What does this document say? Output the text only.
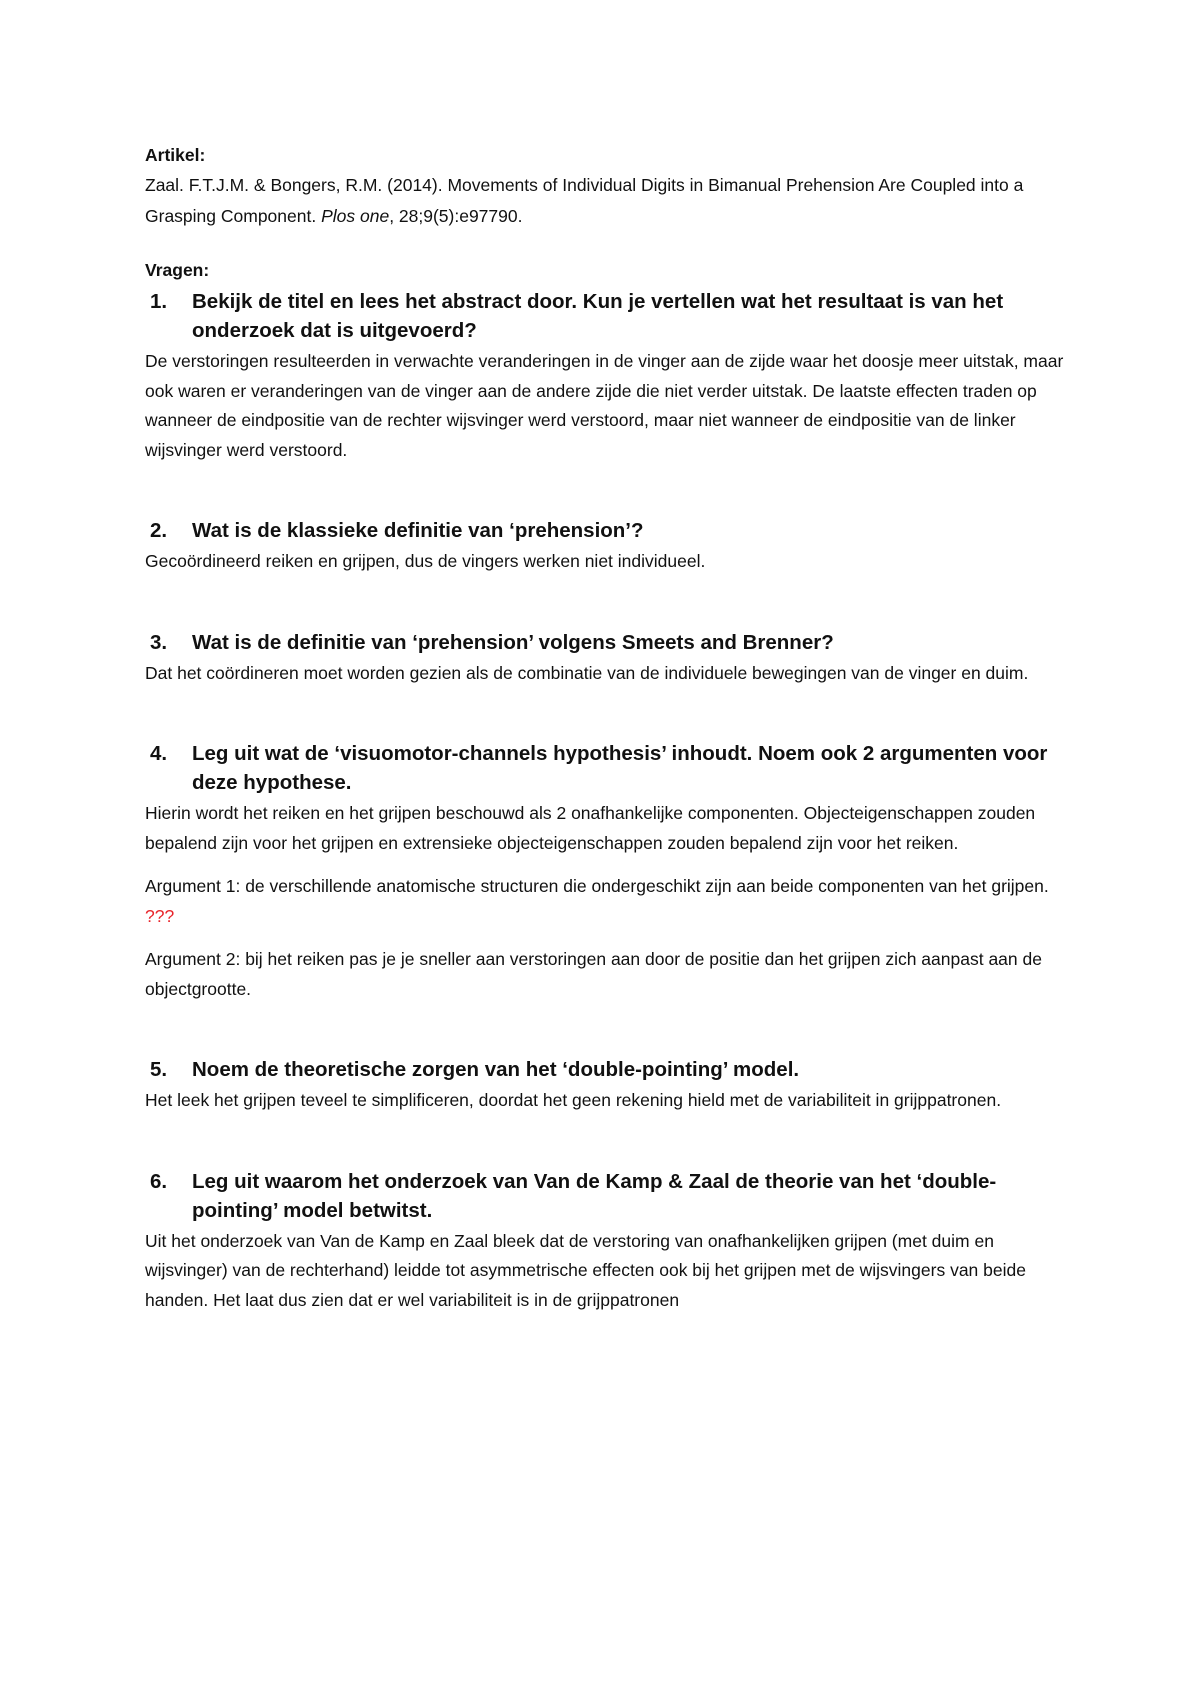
Artikel:

Zaal. F.T.J.M. & Bongers, R.M. (2014). Movements of Individual Digits in Bimanual Prehension Are Coupled into a Grasping Component. Plos one, 28;9(5):e97790.

Vragen:

1.	Bekijk de titel en lees het abstract door. Kun je vertellen wat het resultaat is van het onderzoek dat is uitgevoerd?

De verstoringen resulteerden in verwachte veranderingen in de vinger aan de zijde waar het doosje meer uitstak, maar ook waren er veranderingen van de vinger aan de andere zijde die niet verder uitstak. De laatste effecten traden op wanneer de eindpositie van de rechter wijsvinger werd verstoord, maar niet wanneer de eindpositie van de linker wijsvinger werd verstoord.

2.	Wat is de klassieke definitie van ‘prehension’?

Gecoördineerd reiken en grijpen, dus de vingers werken niet individueel.

3.	Wat is de definitie van ‘prehension’ volgens Smeets and Brenner?

Dat het coördineren moet worden gezien als de combinatie van de individuele bewegingen van de vinger en duim.

4.	Leg uit wat de ‘visuomotor-channels hypothesis’ inhoudt. Noem ook 2 argumenten voor deze hypothese.

Hierin wordt het reiken en het grijpen beschouwd als 2 onafhankelijke componenten. Objecteigenschappen zouden bepalend zijn voor het grijpen en extrensieke objecteigenschappen zouden bepalend zijn voor het reiken.

Argument 1: de verschillende anatomische structuren die ondergeschikt zijn aan beide componenten van het grijpen. ???

Argument 2: bij het reiken pas je je sneller aan verstoringen aan door de positie dan het grijpen zich aanpast aan de objectgrootte.

5.	Noem de theoretische zorgen van het ‘double-pointing’ model.

Het leek het grijpen teveel te simplificeren, doordat het geen rekening hield met de variabiliteit in grijppatronen.

6.	Leg uit waarom het onderzoek van Van de Kamp & Zaal de theorie van het ‘double-pointing’ model betwitst.

Uit het onderzoek van Van de Kamp en Zaal bleek dat de verstoring van onafhankelijken grijpen (met duim en wijsvinger) van de rechterhand) leidde tot asymmetrische effecten ook bij het grijpen met de wijsvingers van beide handen. Het laat dus zien dat er wel variabiliteit is in de grijppatronen
